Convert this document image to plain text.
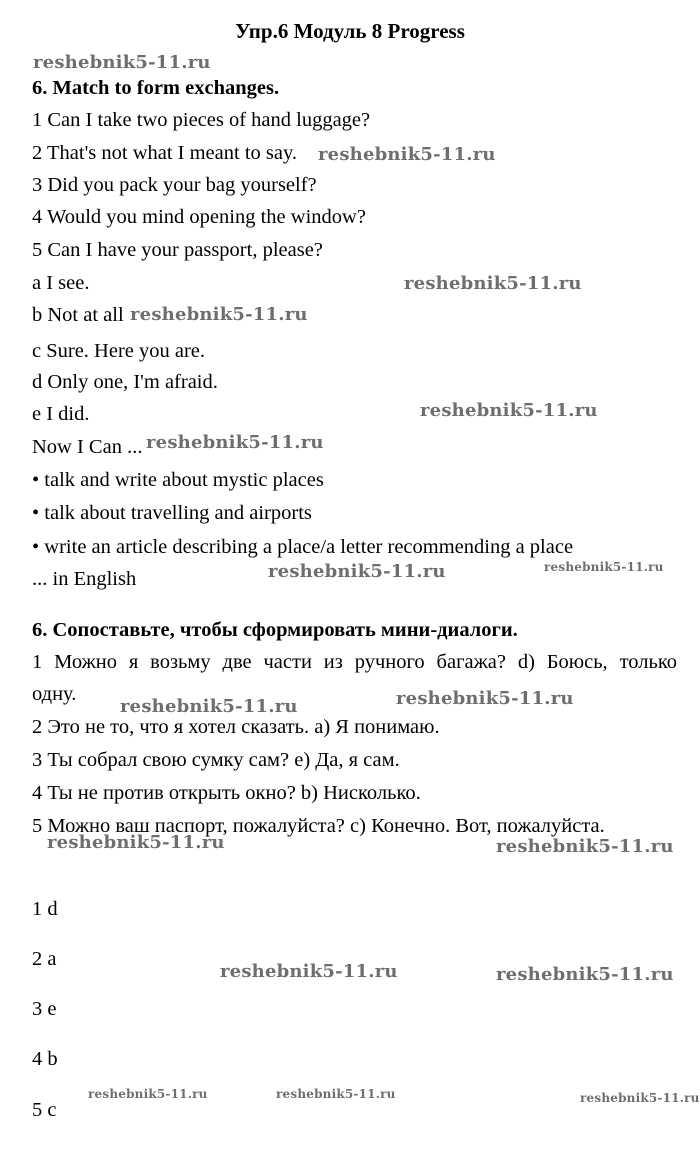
Упр.6 Модуль 8 Progress
6. Match to form exchanges.
1 Can I take two pieces of hand luggage?
2 That's not what I meant to say.
3 Did you pack your bag yourself?
4 Would you mind opening the window?
5 Can I have your passport, please?
a I see.
b Not at all
c Sure. Here you are.
d Only one, I'm afraid.
e I did.
Now I Can ...
• talk and write about mystic places
• talk about travelling and airports
• write an article describing a place/a letter recommending a place
... in English
6. Сопоставьте, чтобы сформировать мини-диалоги.
1 Можно я возьму две части из ручного багажа? d) Боюсь, только
одну.
2 Это не то, что я хотел сказать. а) Я понимаю.
3 Ты собрал свою сумку сам? е) Да, я сам.
4 Ты не против открыть окно? b) Нисколько.
5 Можно ваш паспорт, пожалуйста? с) Конечно. Вот, пожалуйста.
1 d
2 a
3 e
4 b
5 c
reshebnik5-11.ru
reshebnik5-11.ru
reshebnik5-11.ru
reshebnik5-11.ru
reshebnik5-11.ru
reshebnik5-11.ru
reshebnik5-11.ru	reshebnik5-11.ru
reshebnik5-11.ru	reshebnik5-11.ru
reshebnik5-11.ru	reshebnik5-11.ru
reshebnik5-11.ru	reshebnik5-11.ru
reshebnik5-11.ru	reshebnik5-11.ru	reshebnik5-11.ru
